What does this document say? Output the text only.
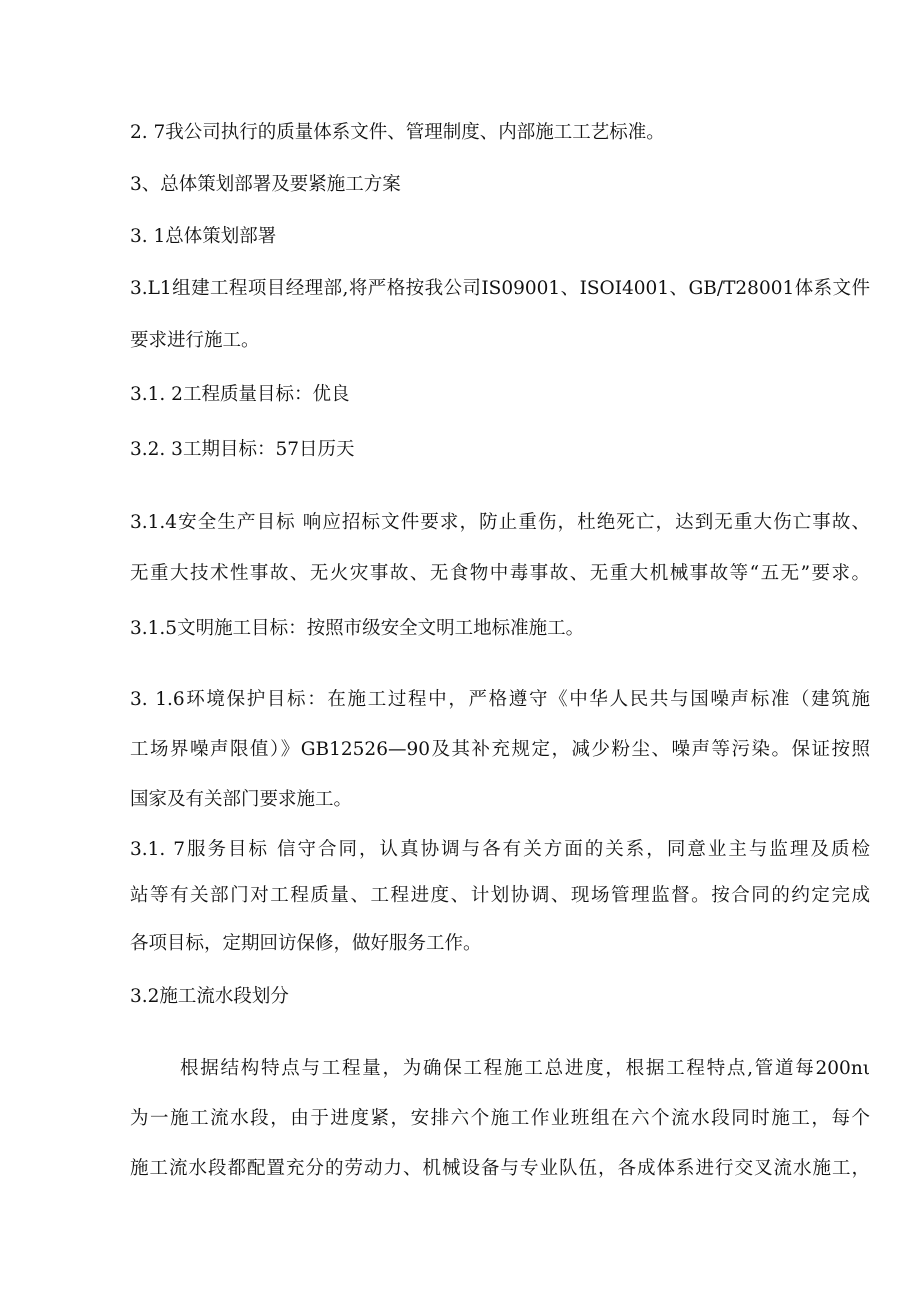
2. 7我公司执行的质量体系文件、管理制度、内部施工工艺标准。
3、总体策划部署及要紧施工方案
3. 1总体策划部署
3.L1组建工程项目经理部,将严格按我公司IS09001、ISOI4001、GB/T28001体系文件
要求进行施工。
3.1. 2工程质量目标：优良
3.2. 3工期目标：57日历天
3.1.4安全生产目标 响应招标文件要求，防止重伤，杜绝死亡，达到无重大伤亡事故、
无重大技术性事故、无火灾事故、无食物中毒事故、无重大机械事故等“五无”要求。
3.1.5文明施工目标：按照市级安全文明工地标准施工。
3. 1.6环境保护目标：在施工过程中，严格遵守《中华人民共与国噪声标准（建筑施
工场界噪声限值）》GB12526—90及其补充规定，减少粉尘、噪声等污染。保证按照
国家及有关部门要求施工。
3.1. 7服务目标 信守合同，认真协调与各有关方面的关系，同意业主与监理及质检
站等有关部门对工程质量、工程进度、计划协调、现场管理监督。按合同的约定完成
各项目标，定期回访保修，做好服务工作。
3.2施工流水段划分
根据结构特点与工程量，为确保工程施工总进度，根据工程特点,管道每200nι
为一施工流水段，由于进度紧，安排六个施工作业班组在六个流水段同时施工，每个
施工流水段都配置充分的劳动力、机械设备与专业队伍，各成体系进行交叉流水施工，
